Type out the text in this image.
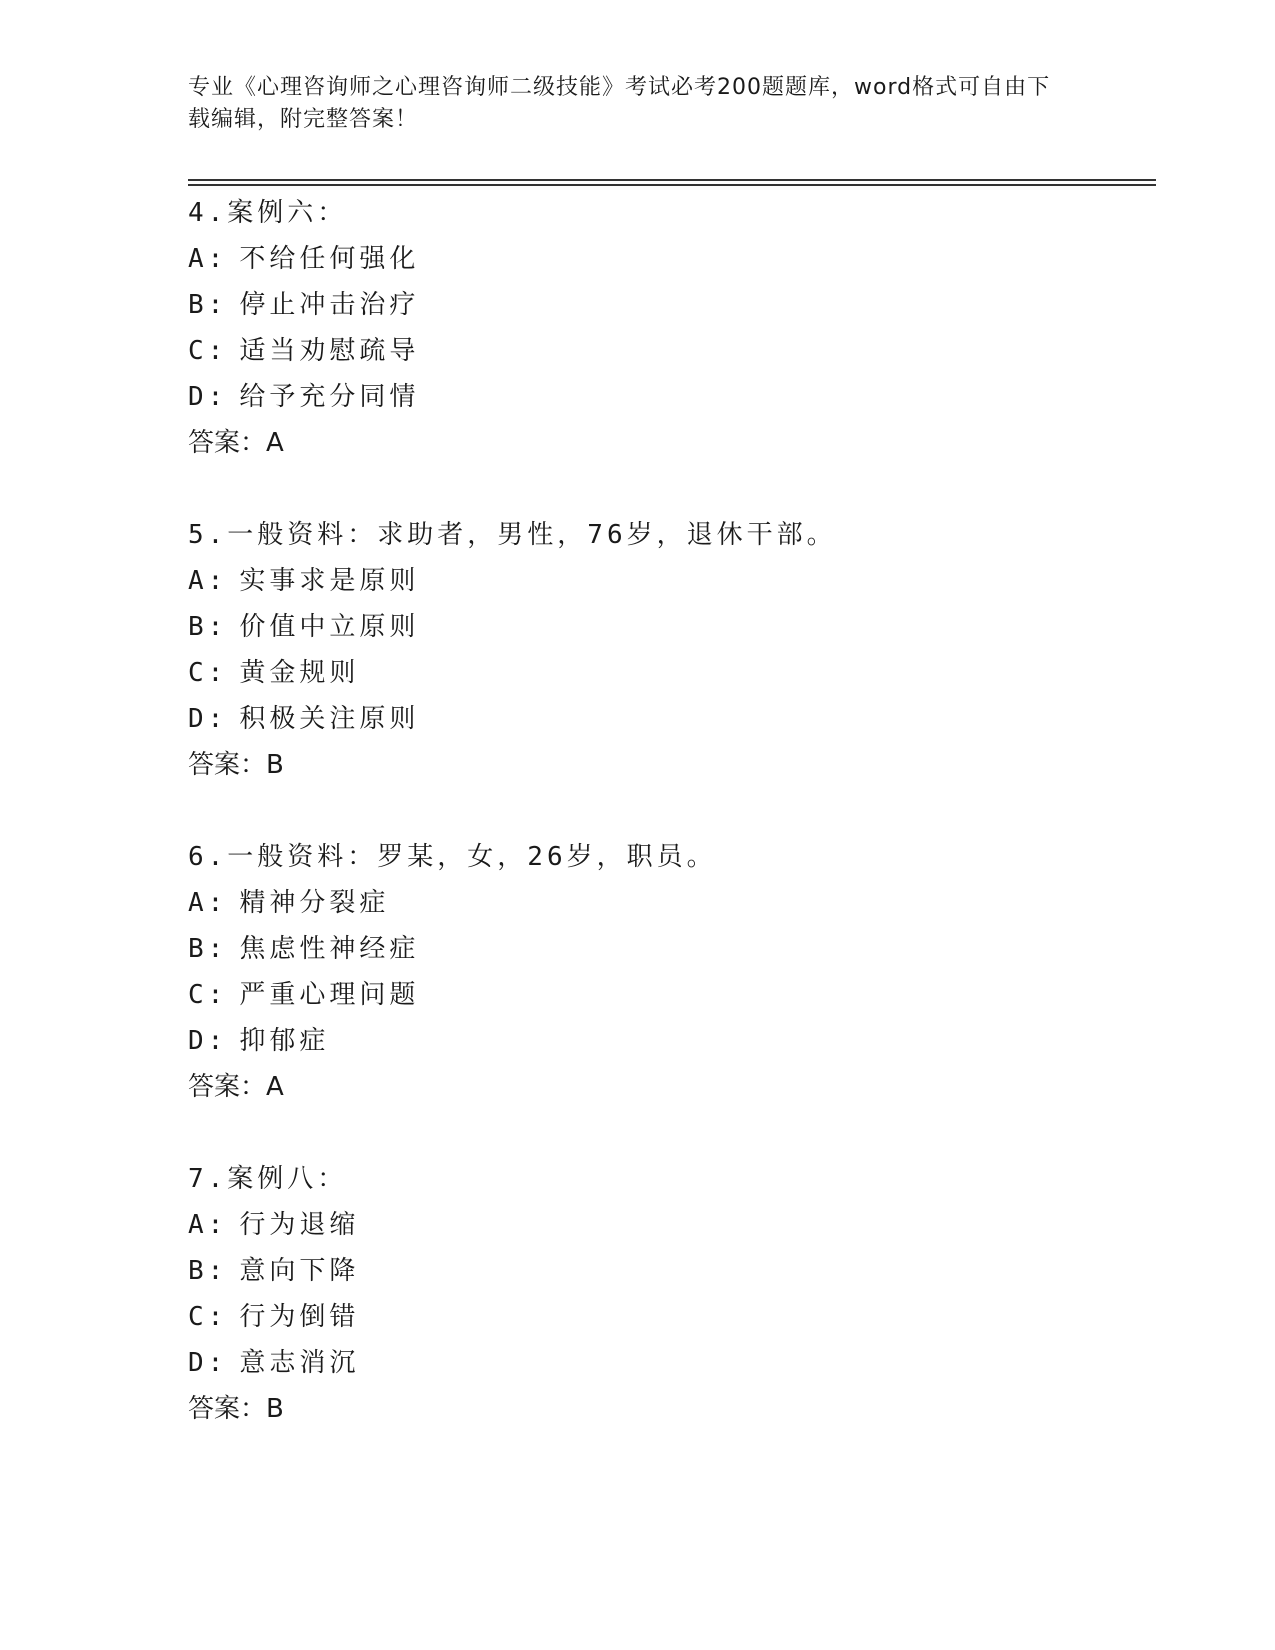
专业《心理咨询师之心理咨询师二级技能》考试必考200题题库，word格式可自由下载编辑，附完整答案！

4.案例六：
A: 不给任何强化
B: 停止冲击治疗
C: 适当劝慰疏导
D: 给予充分同情
答案：A
5.一般资料：求助者，男性，76岁，退休干部。
A: 实事求是原则
B: 价值中立原则
C: 黄金规则
D: 积极关注原则
答案：B
6.一般资料：罗某，女，26岁，职员。
A: 精神分裂症
B: 焦虑性神经症
C: 严重心理问题
D: 抑郁症
答案：A
7.案例八：
A: 行为退缩
B: 意向下降
C: 行为倒错
D: 意志消沉
答案：B
